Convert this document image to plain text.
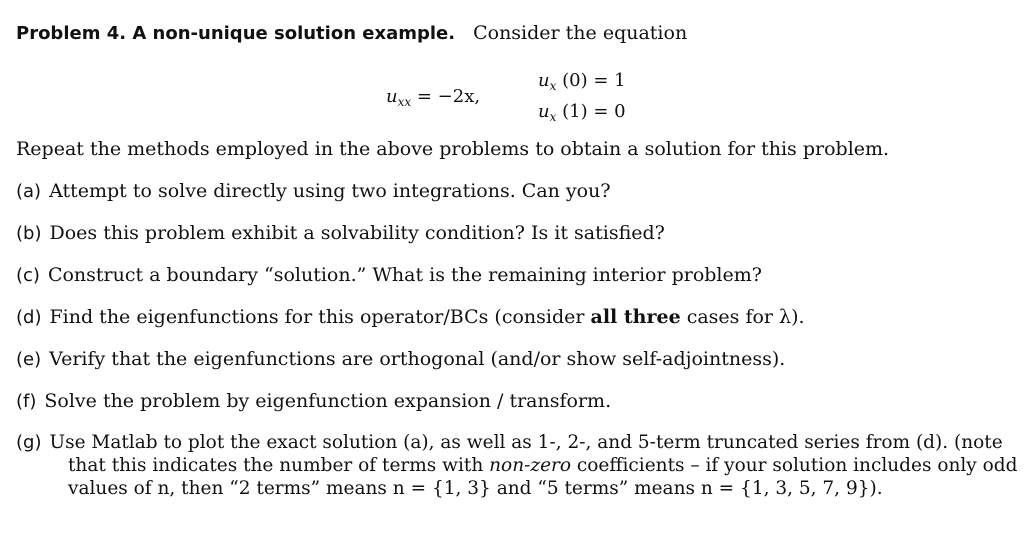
Problem 4. A non-unique solution example. Consider the equation
$u_{xx} = -2x$,
$u_x$ (0) = 1
$u_x$ (1) = 0
Repeat the methods employed in the above problems to obtain a solution for this problem.
(a) Attempt to solve directly using two integrations. Can you?
(b) Does this problem exhibit a solvability condition? Is it satisfied?
(c) Construct a boundary “solution.” What is the remaining interior problem?
(d) Find the eigenfunctions for this operator/BCs (consider all three cases for λ).
(e) Verify that the eigenfunctions are orthogonal (and/or show self-adjointness).
(f) Solve the problem by eigenfunction expansion / transform.
(g) Use Matlab to plot the exact solution (a), as well as 1-, 2-, and 5-term truncated series from (d). (note
that this indicates the number of terms with non-zero coefficients – if your solution includes only odd
values of n, then “2 terms” means n = {1, 3} and “5 terms” means n = {1, 3, 5, 7, 9}).
